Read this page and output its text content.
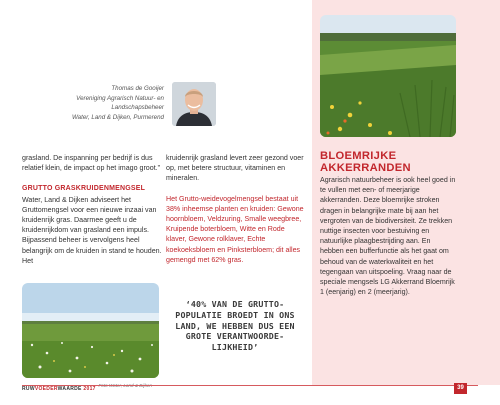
Thomas de Gooijer
Vereniging Agrarisch Natuur- en Landschapsbeheer
Water, Land & Dijken, Purmerend

grasland. De inspanning per bedrijf is dus relatief klein, de impact op het imago groot.”

GRUTTO GRASKRUIDENMENGSEL

Water, Land & Dijken adviseert het Gruttomengsel voor een nieuwe inzaai van kruidenrijk gras. Daarmee geeft u de kruidenrijkdom van grasland een impuls. Bijpassend beheer is vervolgens heel belangrijk om de kruiden in stand te houden. Het

kruidenrijk grasland levert zeer gezond voer op, met betere structuur, vitaminen en mineralen.

Het Grutto-weidevogelmengsel bestaat uit 38% inheemse planten en kruiden: Gewone hoornbloem, Veldzuring, Smalle weegbree, Kruipende boterbloem, Witte en Rode klaver, Gewone rolklaver, Echte koekoeksbloem en Pinksterbloem; dit alles gemengd met 62% gras.

‘40% VAN DE GRUTTO-POPULATIE BROEDT IN ONS LAND, WE HEBBEN DUS EEN GROTE VERANTWOORDE-LIJKHEID’
BLOEMRIJKE AKKERRANDEN
Agrarisch natuurbeheer is ook heel goed in te vullen met een- of meerjarige akkerranden. Deze bloemrijke stroken dragen in belangrijke mate bij aan het vergroten van de biodiversiteit. Ze trekken nuttige insecten voor bestuiving en natuurlijke plaagbestrijding aan. En hebben een bufferfunctie als het gaat om behoud van de waterkwaliteit en het tegengaan van uitspoeling. Vraag naar de speciale mengsels LG Akkerrand Bloemrijk 1 (eenjarig) en 2 (meerjarig).
RUWVOEDERWAARDE 2017	39
